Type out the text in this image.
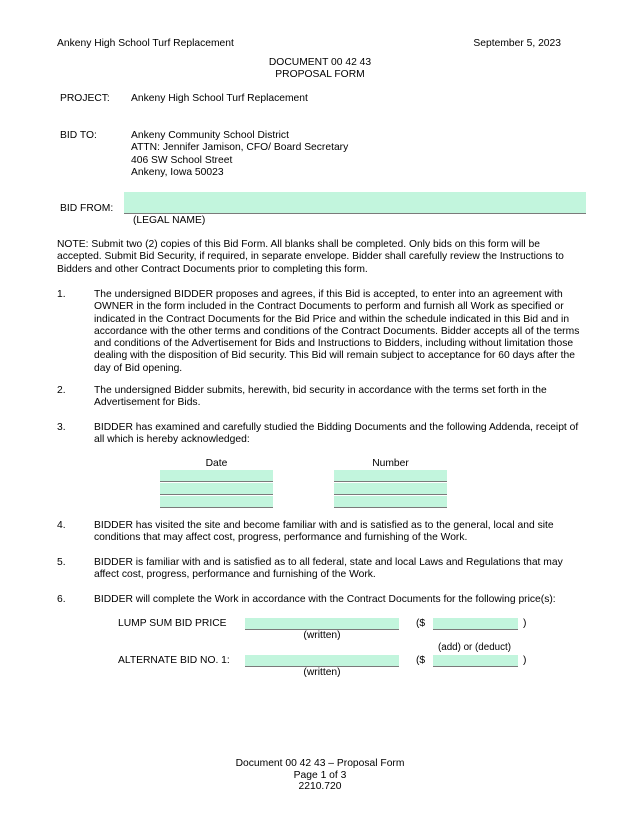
Ankeny High School Turf Replacement	September 5, 2023
DOCUMENT 00 42 43
PROPOSAL FORM
PROJECT: Ankeny High School Turf Replacement
BID TO:	Ankeny Community School District
ATTN: Jennifer Jamison, CFO/ Board Secretary
406 SW School Street
Ankeny, Iowa 50023
BID FROM:
(LEGAL NAME)
NOTE: Submit two (2) copies of this Bid Form. All blanks shall be completed. Only bids on this form will be accepted. Submit Bid Security, if required, in separate envelope. Bidder shall carefully review the Instructions to Bidders and other Contract Documents prior to completing this form.
1.	The undersigned BIDDER proposes and agrees, if this Bid is accepted, to enter into an agreement with OWNER in the form included in the Contract Documents to perform and furnish all Work as specified or indicated in the Contract Documents for the Bid Price and within the schedule indicated in this Bid and in accordance with the other terms and conditions of the Contract Documents. Bidder accepts all of the terms and conditions of the Advertisement for Bids and Instructions to Bidders, including without limitation those dealing with the disposition of Bid security. This Bid will remain subject to acceptance for 60 days after the day of Bid opening.
2.	The undersigned Bidder submits, herewith, bid security in accordance with the terms set forth in the Advertisement for Bids.
3.	BIDDER has examined and carefully studied the Bidding Documents and the following Addenda, receipt of all which is hereby acknowledged:
Date	Number
4.	BIDDER has visited the site and become familiar with and is satisfied as to the general, local and site conditions that may affect cost, progress, performance and furnishing of the Work.
5.	BIDDER is familiar with and is satisfied as to all federal, state and local Laws and Regulations that may affect cost, progress, performance and furnishing of the Work.
6.	BIDDER will complete the Work in accordance with the Contract Documents for the following price(s):
LUMP SUM BID PRICE	($	)
(written)
(add) or (deduct)
ALTERNATE BID NO. 1:	($	)
(written)
Document 00 42 43 – Proposal Form
Page 1 of 3
2210.720
